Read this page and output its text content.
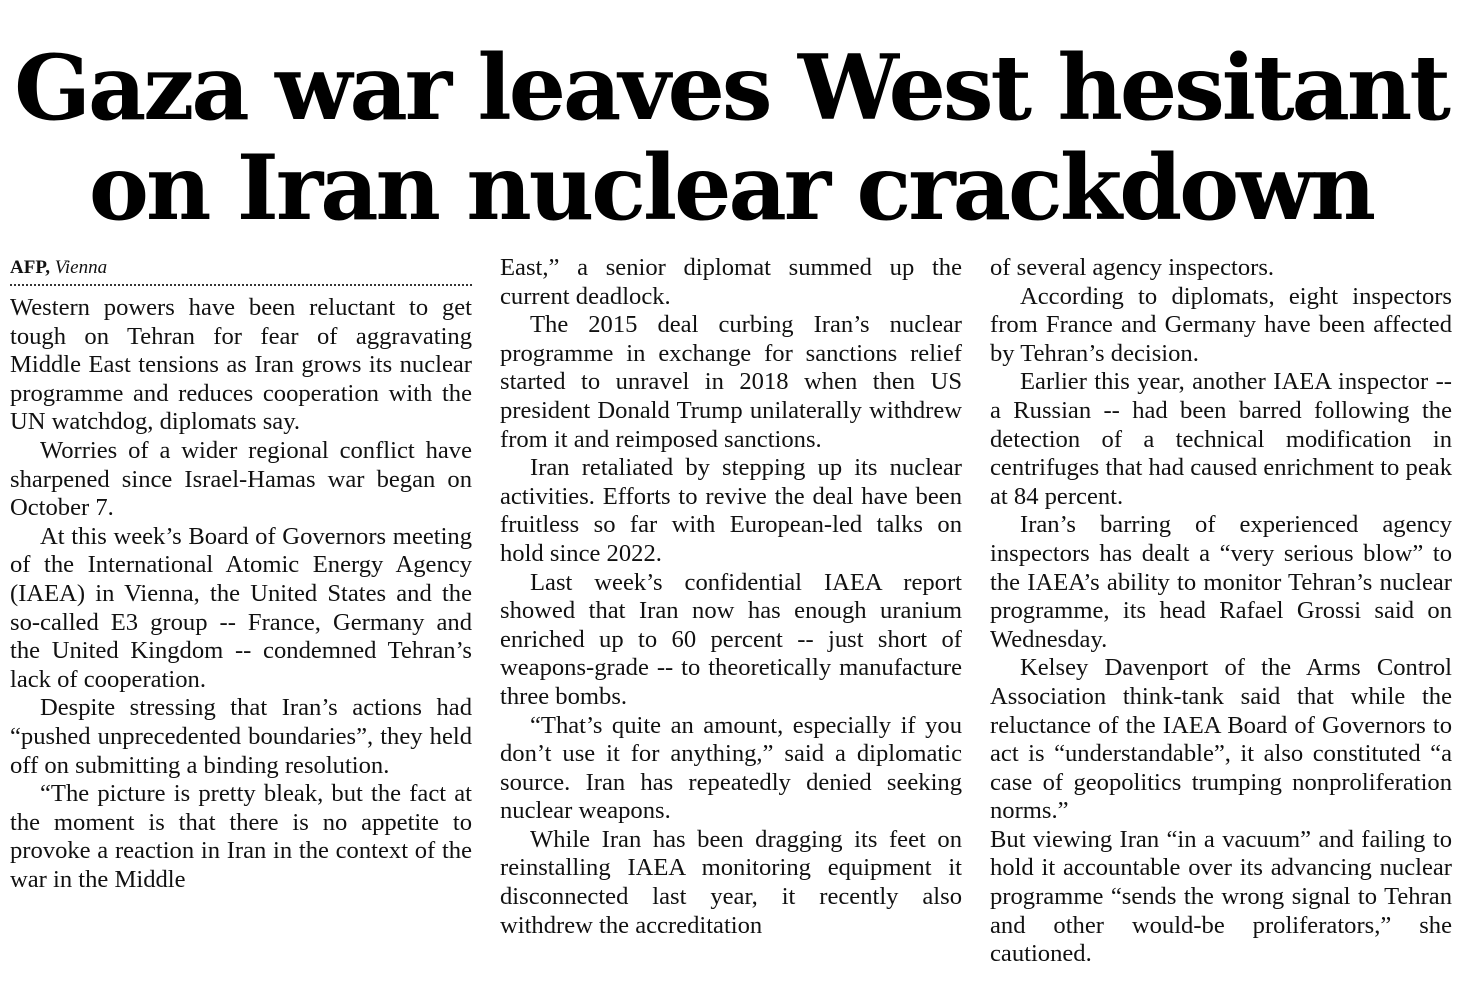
Gaza war leaves West hesitant
on Iran nuclear crackdown
AFP, Vienna

Western powers have been reluctant to get tough on Tehran for fear of aggravating Middle East tensions as Iran grows its nuclear programme and reduces cooperation with the UN watchdog, diplomats say.

Worries of a wider regional conflict have sharpened since Israel-Hamas war began on October 7.

At this week’s Board of Governors meeting of the International Atomic Energy Agency (IAEA) in Vienna, the United States and the so-called E3 group -- France, Germany and the United Kingdom -- condemned Tehran’s lack of cooperation.

Despite stressing that Iran’s actions had “pushed unprecedented boundaries”, they held off on submitting a binding resolution.

“The picture is pretty bleak, but the fact at the moment is that there is no appetite to provoke a reaction in Iran in the context of the war in the Middle

East,” a senior diplomat summed up the current deadlock.

The 2015 deal curbing Iran’s nuclear programme in exchange for sanctions relief started to unravel in 2018 when then US president Donald Trump unilaterally withdrew from it and reimposed sanctions.

Iran retaliated by stepping up its nuclear activities. Efforts to revive the deal have been fruitless so far with European-led talks on hold since 2022.

Last week’s confidential IAEA report showed that Iran now has enough uranium enriched up to 60 percent -- just short of weapons-grade -- to theoretically manufacture three bombs.

“That’s quite an amount, especially if you don’t use it for anything,” said a diplomatic source. Iran has repeatedly denied seeking nuclear weapons.

While Iran has been dragging its feet on reinstalling IAEA monitoring equipment it disconnected last year, it recently also withdrew the accreditation

of several agency inspectors.

According to diplomats, eight inspectors from France and Germany have been affected by Tehran’s decision.

Earlier this year, another IAEA inspector -- a Russian -- had been barred following the detection of a technical modification in centrifuges that had caused enrichment to peak at 84 percent.

Iran’s barring of experienced agency inspectors has dealt a “very serious blow” to the IAEA’s ability to monitor Tehran’s nuclear programme, its head Rafael Grossi said on Wednesday.

Kelsey Davenport of the Arms Control Association think-tank said that while the reluctance of the IAEA Board of Governors to act is “understandable”, it also constituted “a case of geopolitics trumping nonproliferation norms.”

But viewing Iran “in a vacuum” and failing to hold it accountable over its advancing nuclear programme “sends the wrong signal to Tehran and other would-be proliferators,” she cautioned.
